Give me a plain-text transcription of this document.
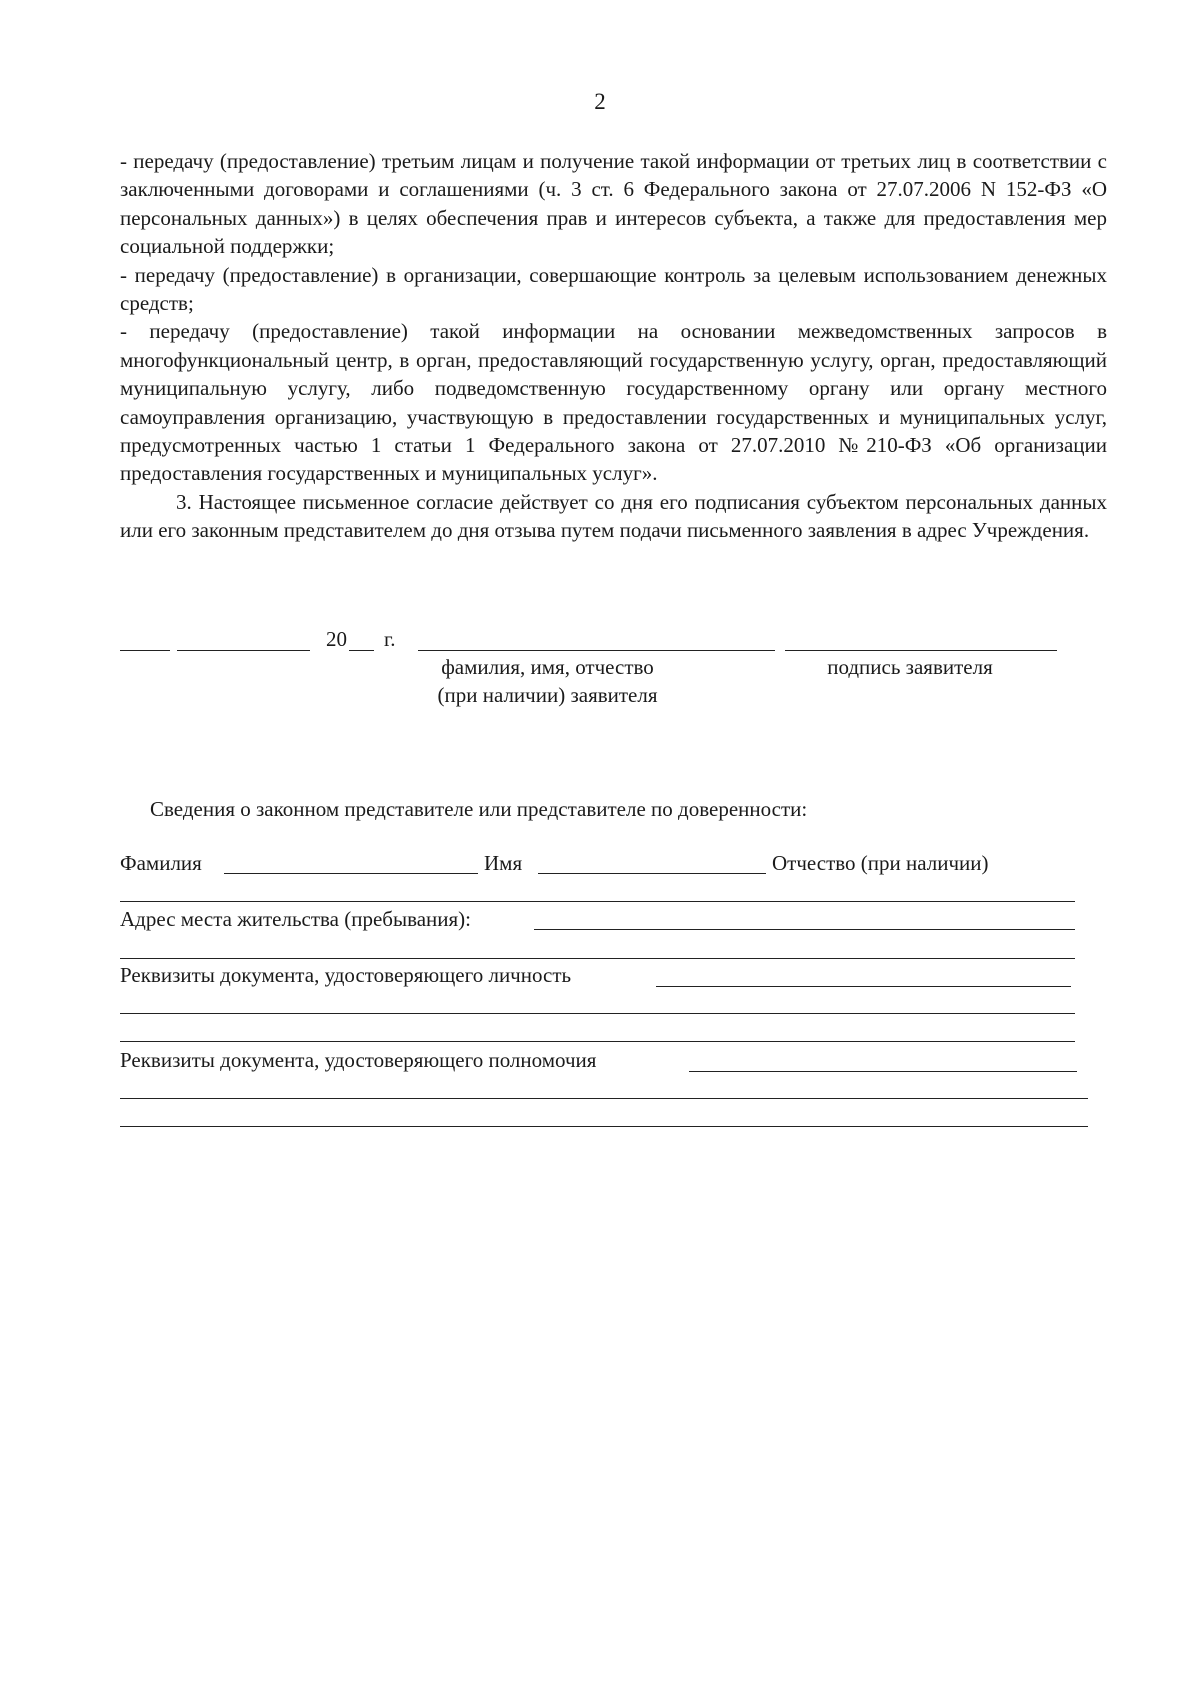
2

- передачу (предоставление) третьим лицам и получение такой информации от третьих лиц в соответствии с заключенными договорами и соглашениями (ч. 3 ст. 6 Федерального закона от 27.07.2006 N 152-ФЗ «О персональных данных») в целях обеспечения прав и интересов субъекта, а также для предоставления мер социальной поддержки;

- передачу (предоставление) в организации, совершающие контроль за целевым использованием денежных средств;

- передачу (предоставление) такой информации на основании межведомственных запросов в многофункциональный центр, в орган, предоставляющий государственную услугу, орган, предоставляющий муниципальную услугу, либо подведомственную государственному органу или органу местного самоуправления организацию, участвующую в предоставлении государственных и муниципальных услуг, предусмотренных частью 1 статьи 1 Федерального закона от 27.07.2010 №210-ФЗ «Об организации предоставления государственных и муниципальных услуг».

3. Настоящее письменное согласие действует со дня его подписания субъектом персональных данных или его законным представителем до дня отзыва путем подачи письменного заявления в адрес Учреждения.

20 г.
фамилия, имя, отчество
(при наличии) заявителя
подпись заявителя
Сведения о законном представителе или представителе по доверенности:
Фамилия	Имя	Отчество (при наличии)
Адрес места жительства (пребывания):
Реквизиты документа, удостоверяющего личность
Реквизиты документа, удостоверяющего полномочия
